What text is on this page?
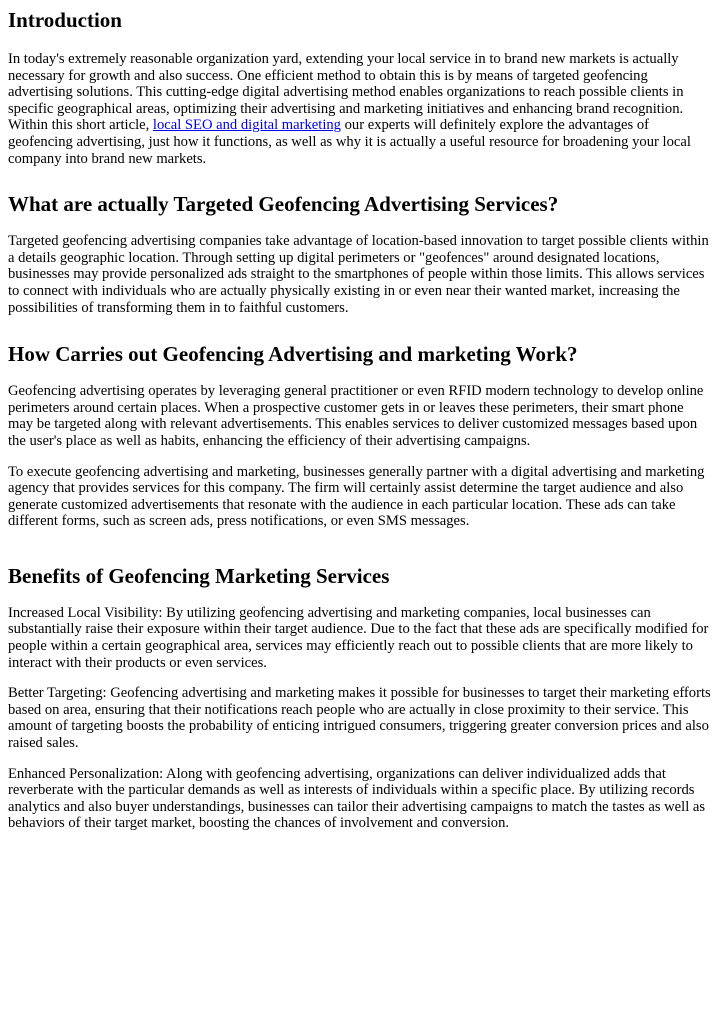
Introduction

In today's extremely reasonable organization yard, extending your local service in to brand new markets is actually necessary for growth and also success. One efficient method to obtain this is by means of targeted geofencing advertising solutions. This cutting-edge digital advertising method enables organizations to reach possible clients in specific geographical areas, optimizing their advertising and marketing initiatives and enhancing brand recognition. Within this short article, local SEO and digital marketing our experts will definitely explore the advantages of geofencing advertising, just how it functions, as well as why it is actually a useful resource for broadening your local company into brand new markets.

What are actually Targeted Geofencing Advertising Services?

Targeted geofencing advertising companies take advantage of location-based innovation to target possible clients within a details geographic location. Through setting up digital perimeters or "geofences" around designated locations, businesses may provide personalized ads straight to the smartphones of people within those limits. This allows services to connect with individuals who are actually physically existing in or even near their wanted market, increasing the possibilities of transforming them in to faithful customers.

How Carries out Geofencing Advertising and marketing Work?

Geofencing advertising operates by leveraging general practitioner or even RFID modern technology to develop online perimeters around certain places. When a prospective customer gets in or leaves these perimeters, their smart phone may be targeted along with relevant advertisements. This enables services to deliver customized messages based upon the user's place as well as habits, enhancing the efficiency of their advertising campaigns.

To execute geofencing advertising and marketing, businesses generally partner with a digital advertising and marketing agency that provides services for this company. The firm will certainly assist determine the target audience and also generate customized advertisements that resonate with the audience in each particular location. These ads can take different forms, such as screen ads, press notifications, or even SMS messages.

Benefits of Geofencing Marketing Services

Increased Local Visibility: By utilizing geofencing advertising and marketing companies, local businesses can substantially raise their exposure within their target audience. Due to the fact that these ads are specifically modified for people within a certain geographical area, services may efficiently reach out to possible clients that are more likely to interact with their products or even services.

Better Targeting: Geofencing advertising and marketing makes it possible for businesses to target their marketing efforts based on area, ensuring that their notifications reach people who are actually in close proximity to their service. This amount of targeting boosts the probability of enticing intrigued consumers, triggering greater conversion prices and also raised sales.

Enhanced Personalization: Along with geofencing advertising, organizations can deliver individualized adds that reverberate with the particular demands as well as interests of individuals within a specific place. By utilizing records analytics and also buyer understandings, businesses can tailor their advertising campaigns to match the tastes as well as behaviors of their target market, boosting the chances of involvement and conversion.
